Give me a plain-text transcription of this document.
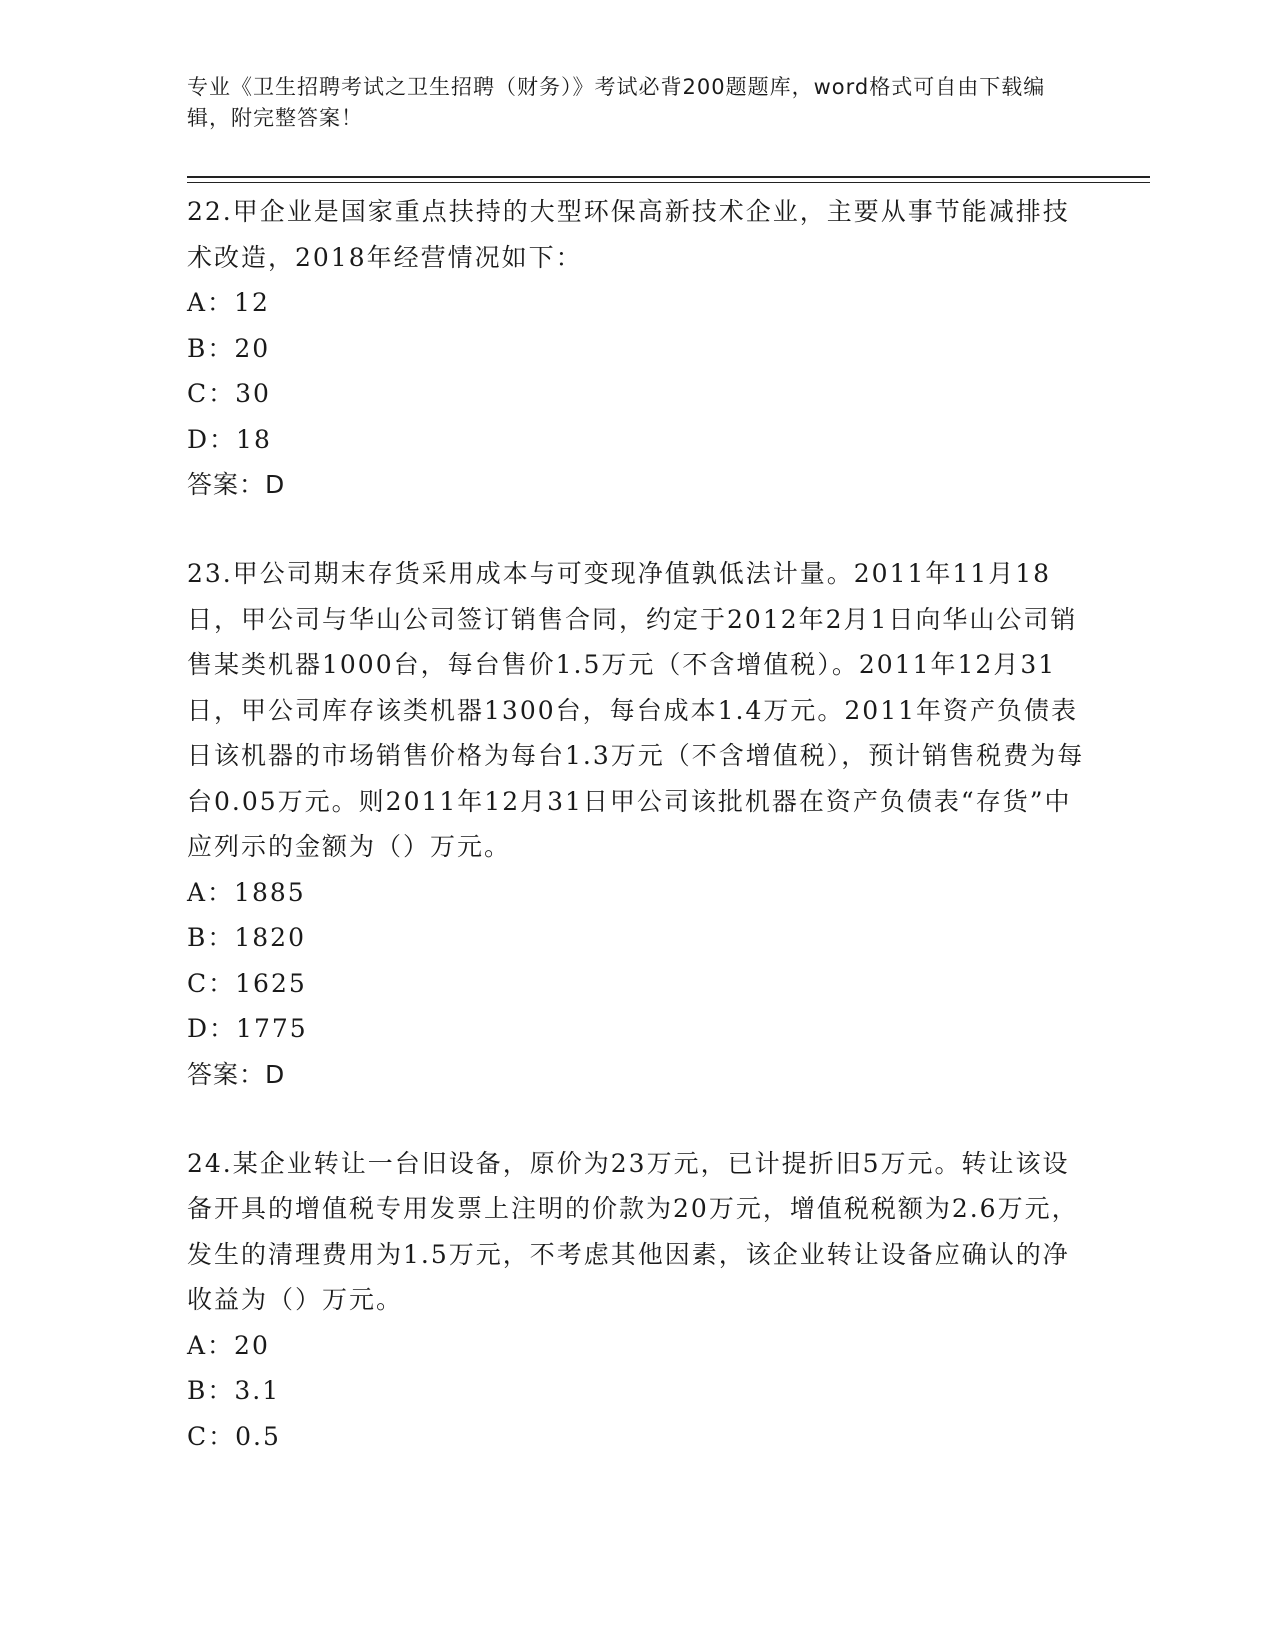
专业《卫生招聘考试之卫生招聘（财务）》考试必背200题题库，word格式可自由下载编辑，附完整答案！

22.甲企业是国家重点扶持的大型环保高新技术企业，主要从事节能减排技术改造，2018年经营情况如下：

A：12

B：20

C：30

D：18

答案：D

23.甲公司期末存货采用成本与可变现净值孰低法计量。2011年11月18日，甲公司与华山公司签订销售合同，约定于2012年2月1日向华山公司销售某类机器1000台，每台售价1.5万元（不含增值税）。2011年12月31日，甲公司库存该类机器1300台，每台成本1.4万元。2011年资产负债表日该机器的市场销售价格为每台1.3万元（不含增值税），预计销售税费为每台0.05万元。则2011年12月31日甲公司该批机器在资产负债表“存货”中应列示的金额为（）万元。

A：1885

B：1820

C：1625

D：1775

答案：D

24.某企业转让一台旧设备，原价为23万元，已计提折旧5万元。转让该设备开具的增值税专用发票上注明的价款为20万元，增值税税额为2.6万元，发生的清理费用为1.5万元，不考虑其他因素，该企业转让设备应确认的净收益为（）万元。

A：20

B：3.1

C：0.5
